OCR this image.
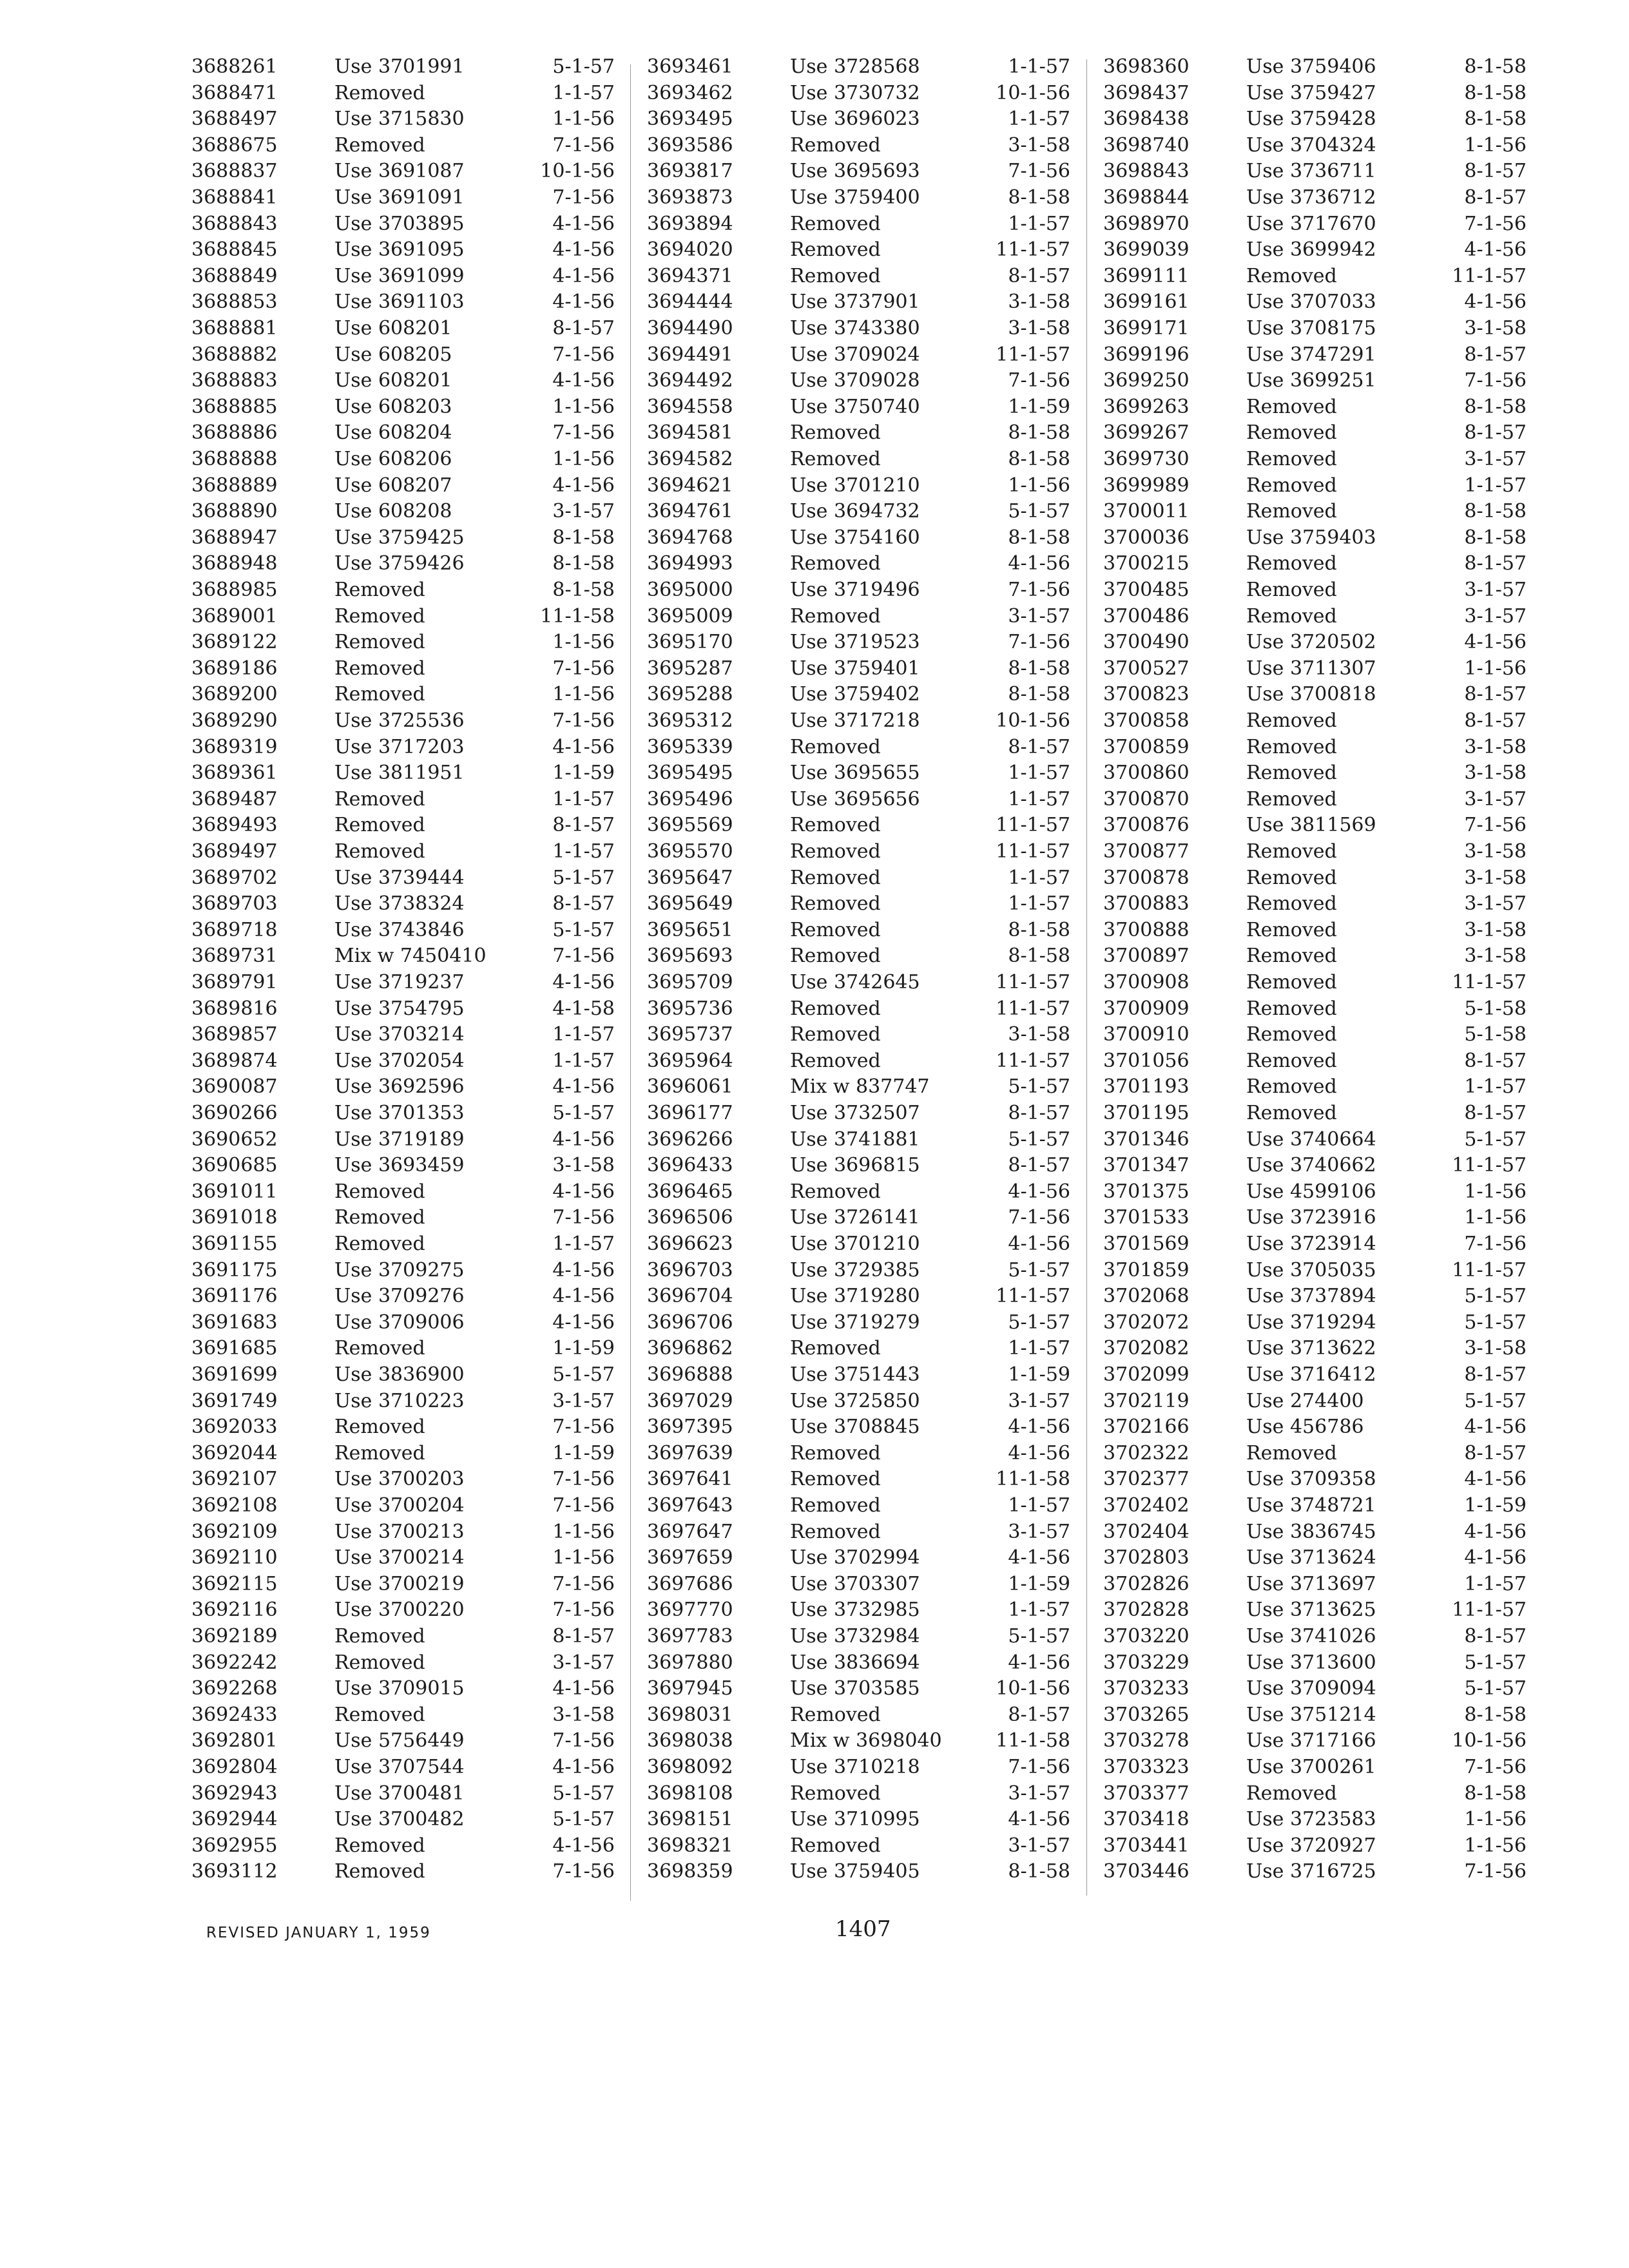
3688261	Use 3701991	5-1-57
3688471	Removed	1-1-57
3688497	Use 3715830	1-1-56
3688675	Removed	7-1-56
3688837	Use 3691087	10-1-56
3688841	Use 3691091	7-1-56
3688843	Use 3703895	4-1-56
3688845	Use 3691095	4-1-56
3688849	Use 3691099	4-1-56
3688853	Use 3691103	4-1-56
3688881	Use 608201	8-1-57
3688882	Use 608205	7-1-56
3688883	Use 608201	4-1-56
3688885	Use 608203	1-1-56
3688886	Use 608204	7-1-56
3688888	Use 608206	1-1-56
3688889	Use 608207	4-1-56
3688890	Use 608208	3-1-57
3688947	Use 3759425	8-1-58
3688948	Use 3759426	8-1-58
3688985	Removed	8-1-58
3689001	Removed	11-1-58
3689122	Removed	1-1-56
3689186	Removed	7-1-56
3689200	Removed	1-1-56
3689290	Use 3725536	7-1-56
3689319	Use 3717203	4-1-56
3689361	Use 3811951	1-1-59
3689487	Removed	1-1-57
3689493	Removed	8-1-57
3689497	Removed	1-1-57
3689702	Use 3739444	5-1-57
3689703	Use 3738324	8-1-57
3689718	Use 3743846	5-1-57
3689731	Mix w 7450410	7-1-56
3689791	Use 3719237	4-1-56
3689816	Use 3754795	4-1-58
3689857	Use 3703214	1-1-57
3689874	Use 3702054	1-1-57
3690087	Use 3692596	4-1-56
3690266	Use 3701353	5-1-57
3690652	Use 3719189	4-1-56
3690685	Use 3693459	3-1-58
3691011	Removed	4-1-56
3691018	Removed	7-1-56
3691155	Removed	1-1-57
3691175	Use 3709275	4-1-56
3691176	Use 3709276	4-1-56
3691683	Use 3709006	4-1-56
3691685	Removed	1-1-59
3691699	Use 3836900	5-1-57
3691749	Use 3710223	3-1-57
3692033	Removed	7-1-56
3692044	Removed	1-1-59
3692107	Use 3700203	7-1-56
3692108	Use 3700204	7-1-56
3692109	Use 3700213	1-1-56
3692110	Use 3700214	1-1-56
3692115	Use 3700219	7-1-56
3692116	Use 3700220	7-1-56
3692189	Removed	8-1-57
3692242	Removed	3-1-57
3692268	Use 3709015	4-1-56
3692433	Removed	3-1-58
3692801	Use 5756449	7-1-56
3692804	Use 3707544	4-1-56
3692943	Use 3700481	5-1-57
3692944	Use 3700482	5-1-57
3692955	Removed	4-1-56
3693112	Removed	7-1-56
3693461	Use 3728568	1-1-57
3693462	Use 3730732	10-1-56
3693495	Use 3696023	1-1-57
3693586	Removed	3-1-58
3693817	Use 3695693	7-1-56
3693873	Use 3759400	8-1-58
3693894	Removed	1-1-57
3694020	Removed	11-1-57
3694371	Removed	8-1-57
3694444	Use 3737901	3-1-58
3694490	Use 3743380	3-1-58
3694491	Use 3709024	11-1-57
3694492	Use 3709028	7-1-56
3694558	Use 3750740	1-1-59
3694581	Removed	8-1-58
3694582	Removed	8-1-58
3694621	Use 3701210	1-1-56
3694761	Use 3694732	5-1-57
3694768	Use 3754160	8-1-58
3694993	Removed	4-1-56
3695000	Use 3719496	7-1-56
3695009	Removed	3-1-57
3695170	Use 3719523	7-1-56
3695287	Use 3759401	8-1-58
3695288	Use 3759402	8-1-58
3695312	Use 3717218	10-1-56
3695339	Removed	8-1-57
3695495	Use 3695655	1-1-57
3695496	Use 3695656	1-1-57
3695569	Removed	11-1-57
3695570	Removed	11-1-57
3695647	Removed	1-1-57
3695649	Removed	1-1-57
3695651	Removed	8-1-58
3695693	Removed	8-1-58
3695709	Use 3742645	11-1-57
3695736	Removed	11-1-57
3695737	Removed	3-1-58
3695964	Removed	11-1-57
3696061	Mix w 837747	5-1-57
3696177	Use 3732507	8-1-57
3696266	Use 3741881	5-1-57
3696433	Use 3696815	8-1-57
3696465	Removed	4-1-56
3696506	Use 3726141	7-1-56
3696623	Use 3701210	4-1-56
3696703	Use 3729385	5-1-57
3696704	Use 3719280	11-1-57
3696706	Use 3719279	5-1-57
3696862	Removed	1-1-57
3696888	Use 3751443	1-1-59
3697029	Use 3725850	3-1-57
3697395	Use 3708845	4-1-56
3697639	Removed	4-1-56
3697641	Removed	11-1-58
3697643	Removed	1-1-57
3697647	Removed	3-1-57
3697659	Use 3702994	4-1-56
3697686	Use 3703307	1-1-59
3697770	Use 3732985	1-1-57
3697783	Use 3732984	5-1-57
3697880	Use 3836694	4-1-56
3697945	Use 3703585	10-1-56
3698031	Removed	8-1-57
3698038	Mix w 3698040	11-1-58
3698092	Use 3710218	7-1-56
3698108	Removed	3-1-57
3698151	Use 3710995	4-1-56
3698321	Removed	3-1-57
3698359	Use 3759405	8-1-58
3698360	Use 3759406	8-1-58
3698437	Use 3759427	8-1-58
3698438	Use 3759428	8-1-58
3698740	Use 3704324	1-1-56
3698843	Use 3736711	8-1-57
3698844	Use 3736712	8-1-57
3698970	Use 3717670	7-1-56
3699039	Use 3699942	4-1-56
3699111	Removed	11-1-57
3699161	Use 3707033	4-1-56
3699171	Use 3708175	3-1-58
3699196	Use 3747291	8-1-57
3699250	Use 3699251	7-1-56
3699263	Removed	8-1-58
3699267	Removed	8-1-57
3699730	Removed	3-1-57
3699989	Removed	1-1-57
3700011	Removed	8-1-58
3700036	Use 3759403	8-1-58
3700215	Removed	8-1-57
3700485	Removed	3-1-57
3700486	Removed	3-1-57
3700490	Use 3720502	4-1-56
3700527	Use 3711307	1-1-56
3700823	Use 3700818	8-1-57
3700858	Removed	8-1-57
3700859	Removed	3-1-58
3700860	Removed	3-1-58
3700870	Removed	3-1-57
3700876	Use 3811569	7-1-56
3700877	Removed	3-1-58
3700878	Removed	3-1-58
3700883	Removed	3-1-57
3700888	Removed	3-1-58
3700897	Removed	3-1-58
3700908	Removed	11-1-57
3700909	Removed	5-1-58
3700910	Removed	5-1-58
3701056	Removed	8-1-57
3701193	Removed	1-1-57
3701195	Removed	8-1-57
3701346	Use 3740664	5-1-57
3701347	Use 3740662	11-1-57
3701375	Use 4599106	1-1-56
3701533	Use 3723916	1-1-56
3701569	Use 3723914	7-1-56
3701859	Use 3705035	11-1-57
3702068	Use 3737894	5-1-57
3702072	Use 3719294	5-1-57
3702082	Use 3713622	3-1-58
3702099	Use 3716412	8-1-57
3702119	Use 274400	5-1-57
3702166	Use 456786	4-1-56
3702322	Removed	8-1-57
3702377	Use 3709358	4-1-56
3702402	Use 3748721	1-1-59
3702404	Use 3836745	4-1-56
3702803	Use 3713624	4-1-56
3702826	Use 3713697	1-1-57
3702828	Use 3713625	11-1-57
3703220	Use 3741026	8-1-57
3703229	Use 3713600	5-1-57
3703233	Use 3709094	5-1-57
3703265	Use 3751214	8-1-58
3703278	Use 3717166	10-1-56
3703323	Use 3700261	7-1-56
3703377	Removed	8-1-58
3703418	Use 3723583	1-1-56
3703441	Use 3720927	1-1-56
3703446	Use 3716725	7-1-56
REVISED JANUARY 1, 1959	1407
